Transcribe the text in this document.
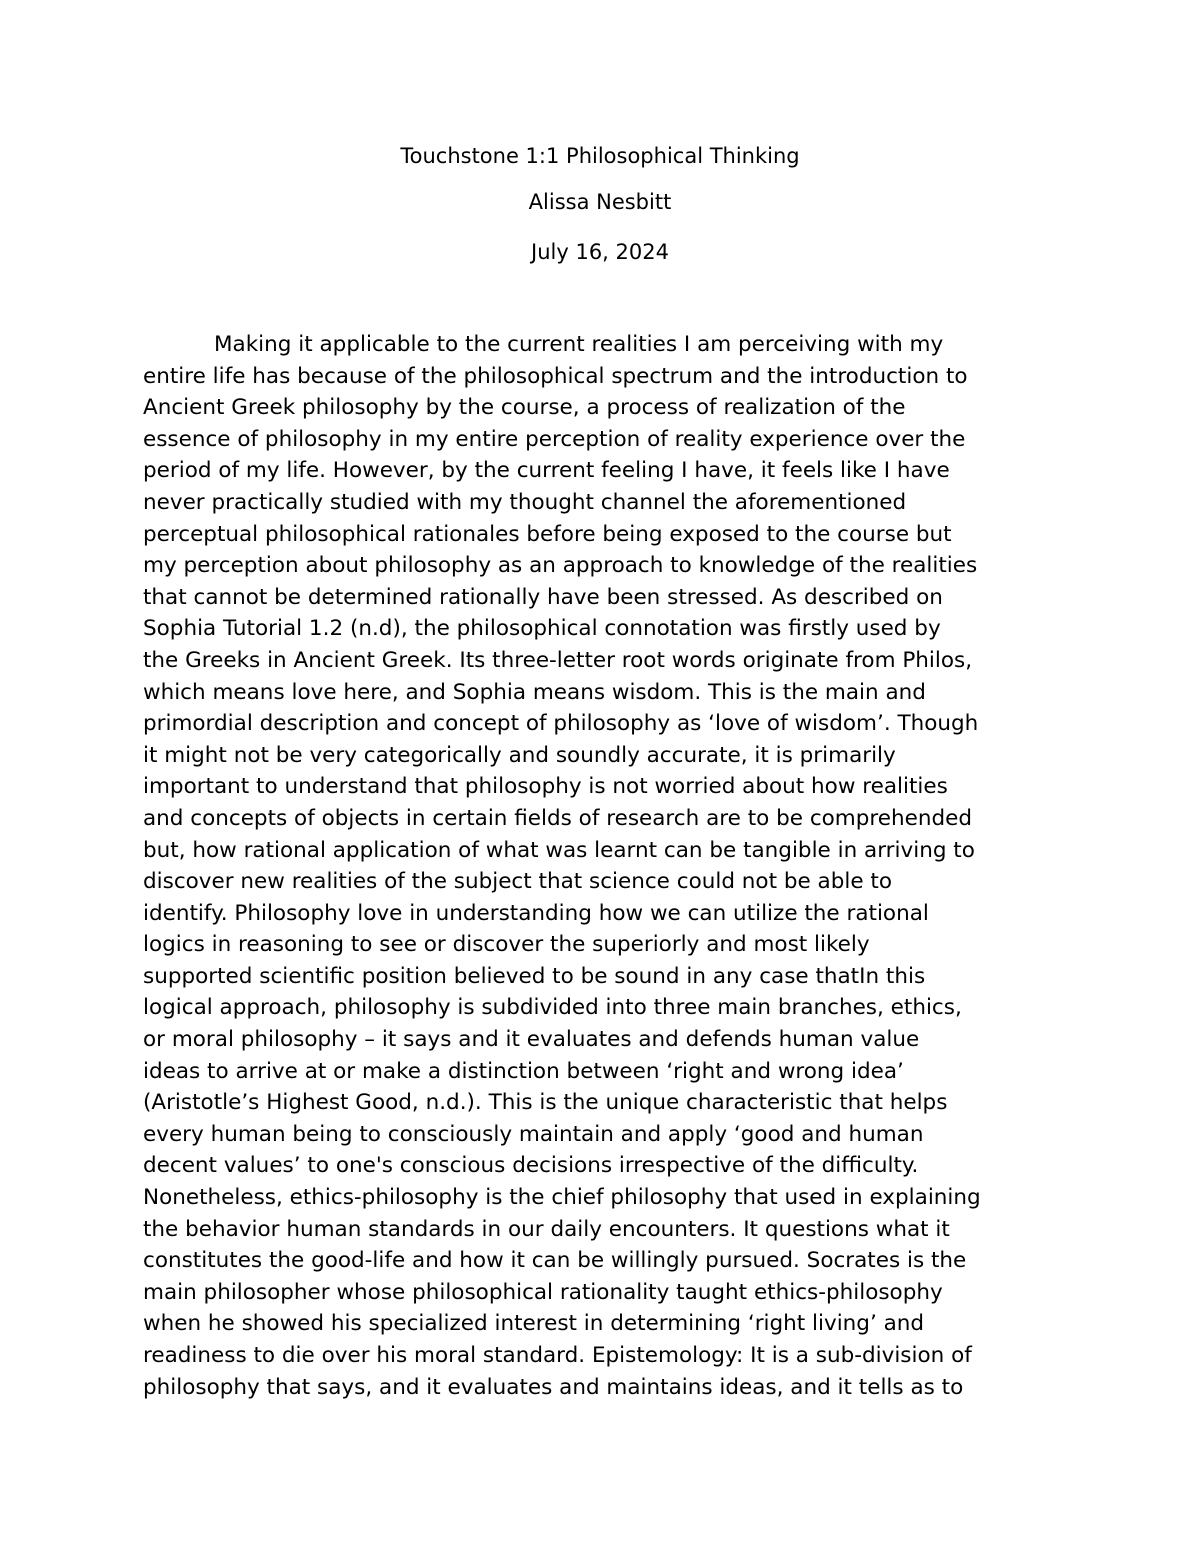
Touchstone 1:1 Philosophical Thinking
Alissa Nesbitt
July 16, 2024
Making it applicable to the current realities I am perceiving with my
entire life has because of the philosophical spectrum and the introduction to
Ancient Greek philosophy by the course, a process of realization of the
essence of philosophy in my entire perception of reality experience over the
period of my life. However, by the current feeling I have, it feels like I have
never practically studied with my thought channel the aforementioned
perceptual philosophical rationales before being exposed to the course but
my perception about philosophy as an approach to knowledge of the realities
that cannot be determined rationally have been stressed. As described on
Sophia Tutorial 1.2 (n.d), the philosophical connotation was firstly used by
the Greeks in Ancient Greek. Its three-letter root words originate from Philos,
which means love here, and Sophia means wisdom. This is the main and
primordial description and concept of philosophy as ‘love of wisdom’. Though
it might not be very categorically and soundly accurate, it is primarily
important to understand that philosophy is not worried about how realities
and concepts of objects in certain fields of research are to be comprehended
but, how rational application of what was learnt can be tangible in arriving to
discover new realities of the subject that science could not be able to
identify. Philosophy love in understanding how we can utilize the rational
logics in reasoning to see or discover the superiorly and most likely
supported scientific position believed to be sound in any case thatIn this
logical approach, philosophy is subdivided into three main branches, ethics,
or moral philosophy – it says and it evaluates and defends human value
ideas to arrive at or make a distinction between ‘right and wrong idea’
(Aristotle’s Highest Good, n.d.). This is the unique characteristic that helps
every human being to consciously maintain and apply ‘good and human
decent values’ to one's conscious decisions irrespective of the difficulty.
Nonetheless, ethics-philosophy is the chief philosophy that used in explaining
the behavior human standards in our daily encounters. It questions what it
constitutes the good-life and how it can be willingly pursued. Socrates is the
main philosopher whose philosophical rationality taught ethics-philosophy
when he showed his specialized interest in determining ‘right living’ and
readiness to die over his moral standard. Epistemology: It is a sub-division of
philosophy that says, and it evaluates and maintains ideas, and it tells as to
